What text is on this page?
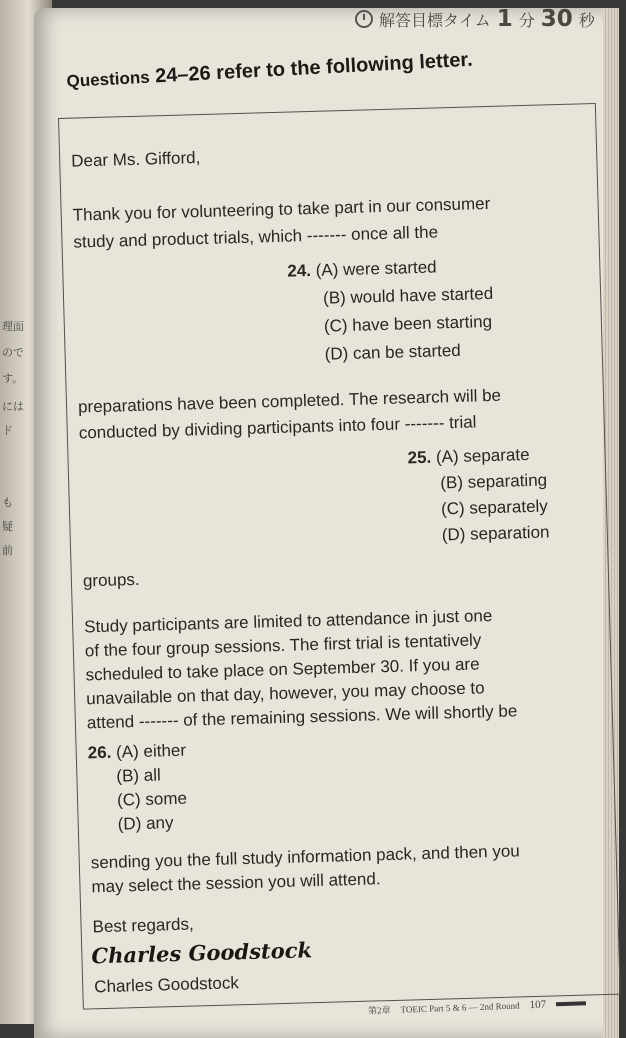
理面
ので
す。
には
ド
も
疑
前
解答目標タイム 1 分 30 秒
Questions 24–26 refer to the following letter.
Dear Ms. Gifford,
Thank you for volunteering to take part in our consumer
study and product trials, which ------- once all the
24. (A) were started
(B) would have started
(C) have been starting
(D) can be started
preparations have been completed. The research will be
conducted by dividing participants into four ------- trial
25. (A) separate
(B) separating
(C) separately
(D) separation
groups.
Study participants are limited to attendance in just one
of the four group sessions. The first trial is tentatively
scheduled to take place on September 30. If you are
unavailable on that day, however, you may choose to
attend ------- of the remaining sessions. We will shortly be
26. (A) either
(B) all
(C) some
(D) any
sending you the full study information pack, and then you
may select the session you will attend.
Best regards,
Charles Goodstock
Charles Goodstock
第2章 TOEIC Part 5 & 6 — 2nd Round 107
